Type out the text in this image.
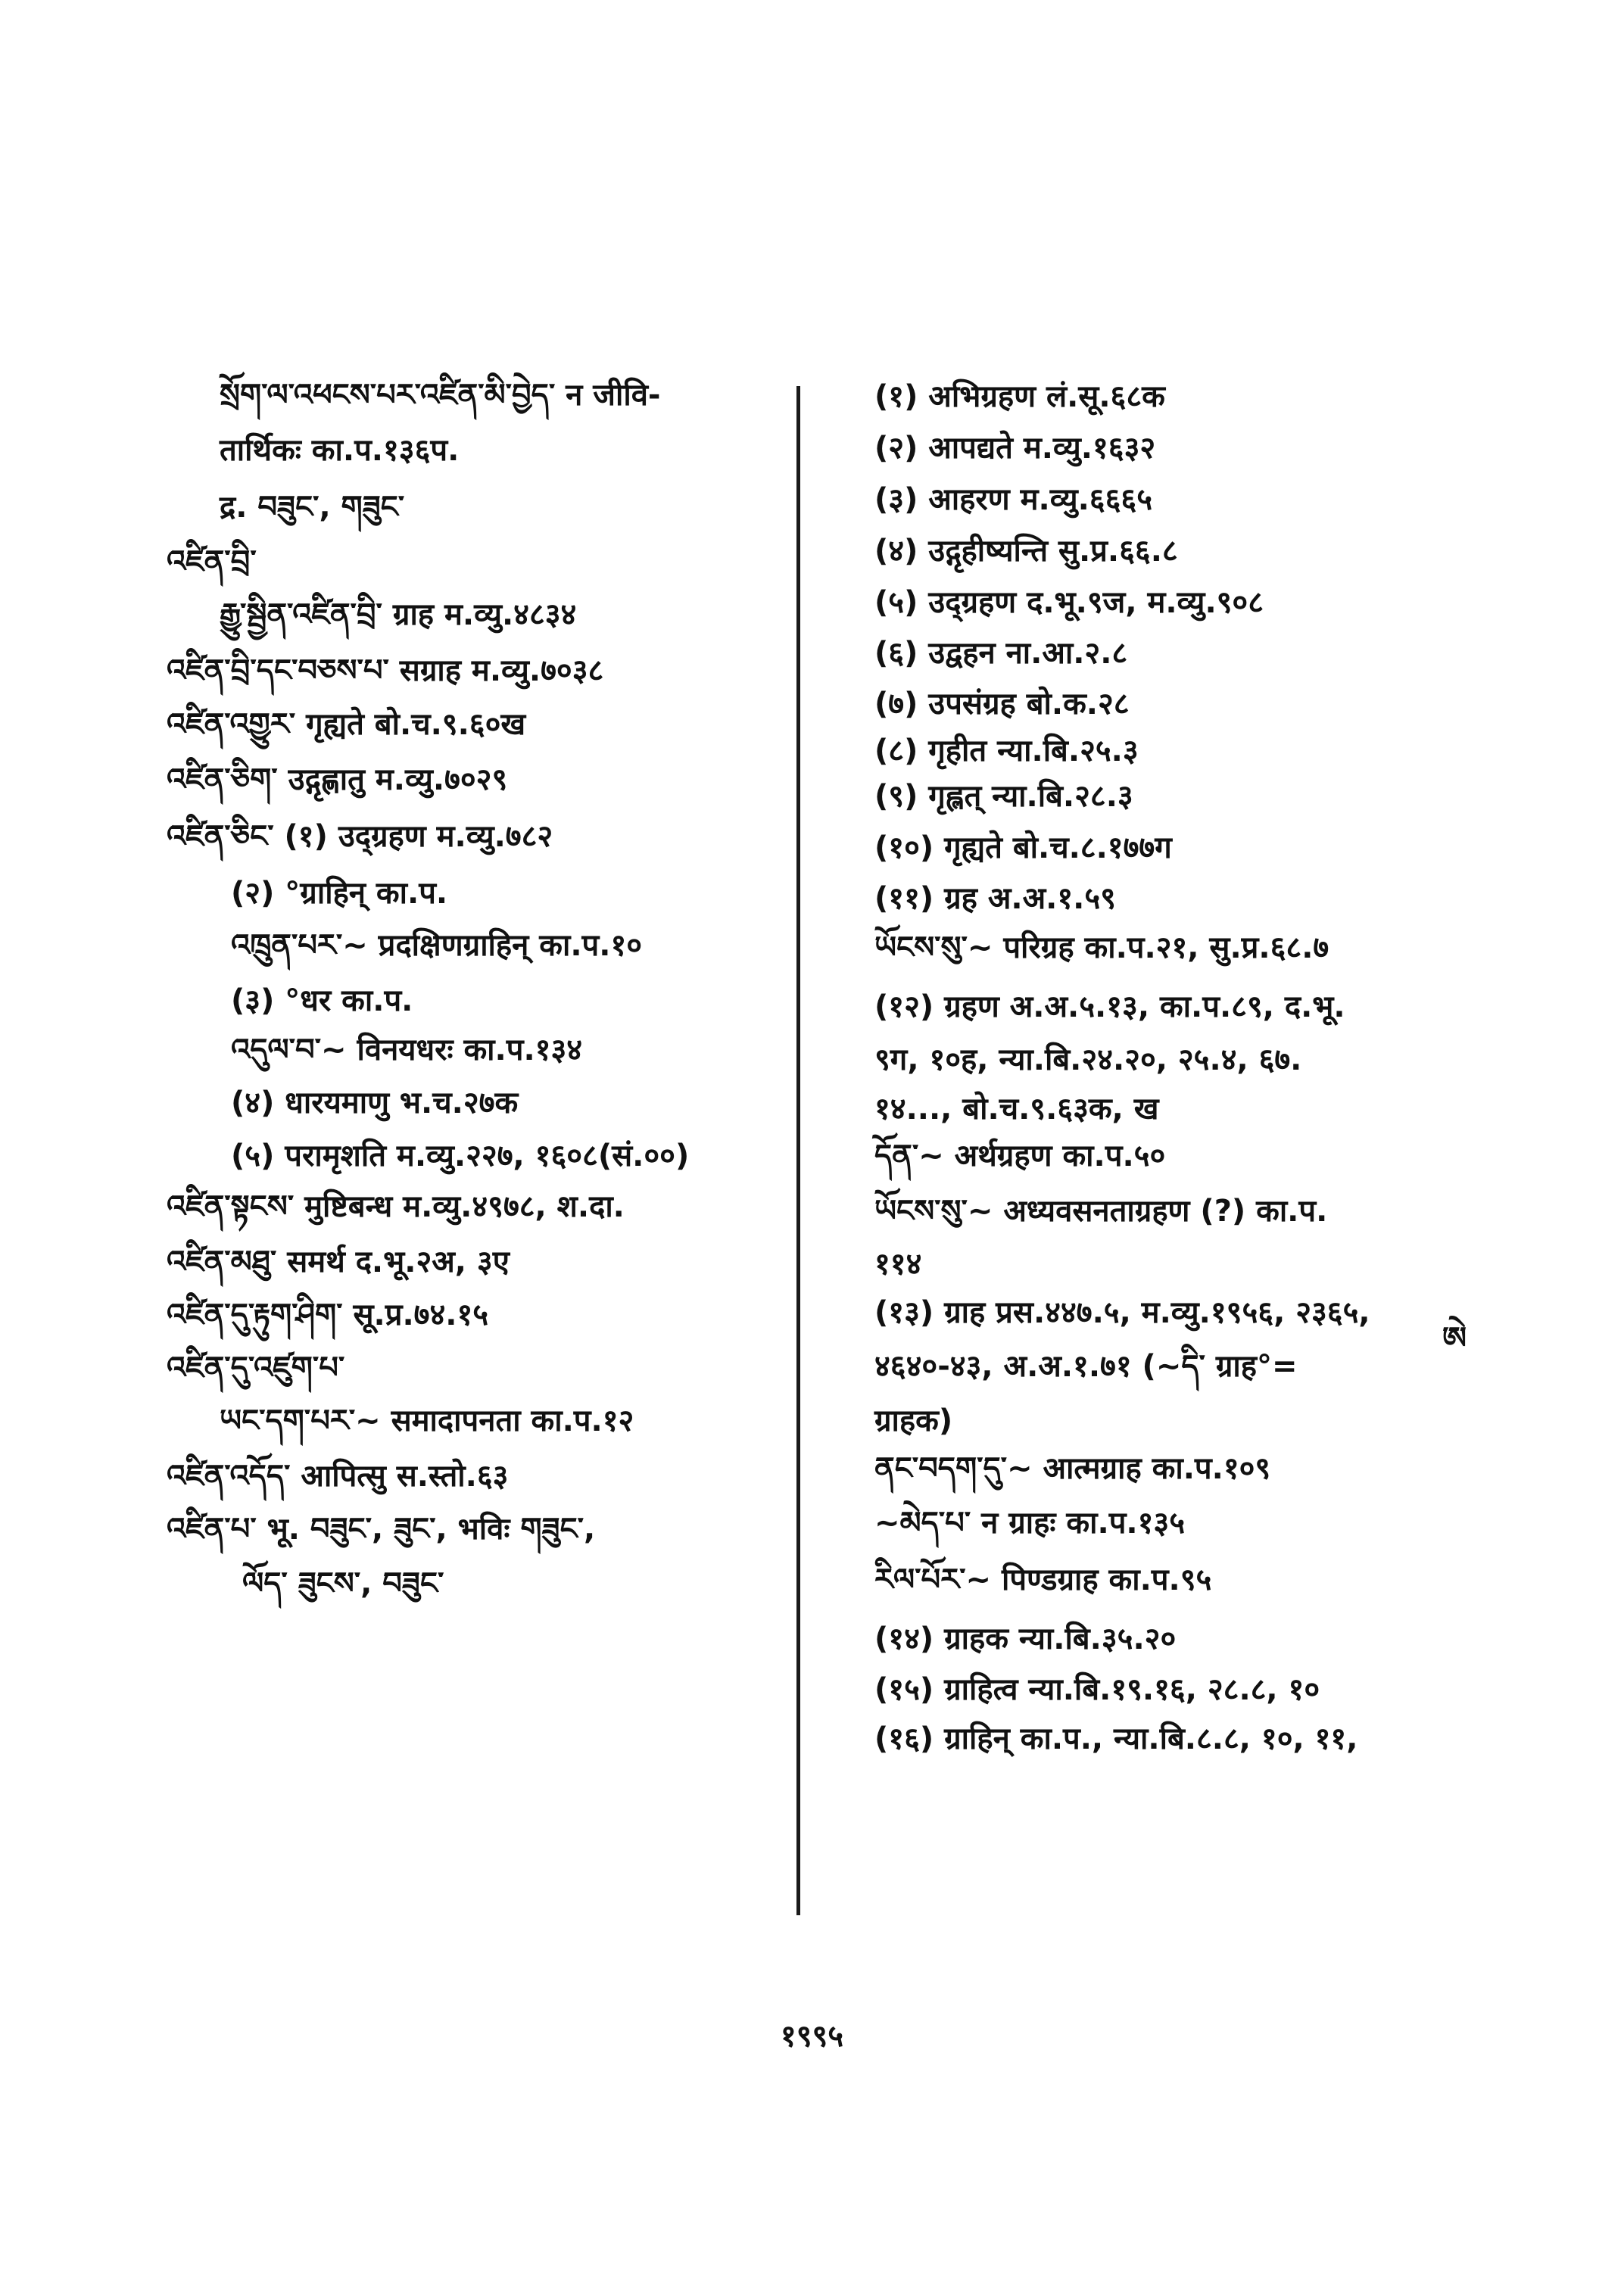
སྲོག་ལ་འཕངས་པར་འཛིན་མི་བྱེད་ न जीवि-
तार्थिकः का.प.१३६प.
द्र. བཟུང་, གཟུང་
འཛིན་བྲི་
རྒྱུ་སྦྱིན་འཛིན་བྲི་ ग्राह म.व्यु.४८३४
འཛིན་བྲི་དང་བཅས་པ་ सग्राह म.व्यु.७०३८
འཛིན་འགྱུར་ गृह्यते बो.च.९.६०ख
འཛིན་ཅིག་ उद्गृह्णातु म.व्यु.७०२९
འཛིན་ཅིང་ (१) उद्ग्रहण म.व्यु.७८२
(२) °ग्राहिन् का.प.
འཁྲུན་པར་~ प्रदक्षिणग्राहिन् का.प.१०
(३) °धर का.प.
འདུལ་བ་~ विनयधरः का.प.१३४
(४) धारयमाणु भ.च.२७क
(५) परामृशति म.व्यु.२२७, १६०८(सं.००)
འཛིན་སྟངས་ मुष्टिबन्ध म.व्यु.४९७८, श.दा.
འཛིན་མཐུ་ समर्थ द.भू.२अ, ३ए
འཛིན་དུ་རྟུག་ཤིག་ सू.प्र.७४.१५
འཛིན་དུ་འཛུག་པ་
ཡང་དག་པར་~ समादापनता का.प.१२
འཛིན་འདོད་ आपित्सु स.स्तो.६३
འཛིན་པ་ भू. བཟུང་, ཟུང་, भविः གཟུང་,
ལོད་ ཟུངས་, བཟུང་
(१) अभिग्रहण लं.सू.६८क
(२) आपद्यते म.व्यु.१६३२
(३) आहरण म.व्यु.६६६५
(४) उद्गृहीष्यन्ति सु.प्र.६६.८
(५) उद्ग्रहण द.भू.९ज, म.व्यु.९०८
(६) उद्वहन ना.आ.२.८
(७) उपसंग्रह बो.क.२८
(८) गृहीत न्या.बि.२५.३
(९) गृह्लत् न्या.बि.२८.३
(१०) गृह्यते बो.च.८.१७७ग
(११) ग्रह अ.अ.१.५९
ཡོངས་སུ་~ परिग्रह का.प.२१, सु.प्र.६८.७
(१२) ग्रहण अ.अ.५.१३, का.प.८९, द.भू.
९ग, १०ह, न्या.बि.२४.२०, २५.४, ६७.
१४..., बो.च.९.६३क, ख
དོན་~ अर्थग्रहण का.प.५०
ཡོངས་སུ་~ अध्यवसनताग्रहण (?) का.प.
११४
(१३) ग्राह प्रस.४४७.५, म.व्यु.१९५६, २३६५,
४६४०-४३, अ.अ.१.७१ (~དི་ ग्राह°=
ग्राहक)
ནང་བདག་དུ་~ आत्मग्राह का.प.१०९
~མེད་པ་ न ग्राहः का.प.१३५
རིལ་པོར་~ पिण्डग्राह का.प.९५
(१४) ग्राहक न्या.बि.३५.२०
(१५) ग्राहित्व न्या.बि.१९.१६, २८.८, १०
(१६) ग्राहिन् का.प., न्या.बि.८.८, १०, ११,
ཨེ
१९९५
